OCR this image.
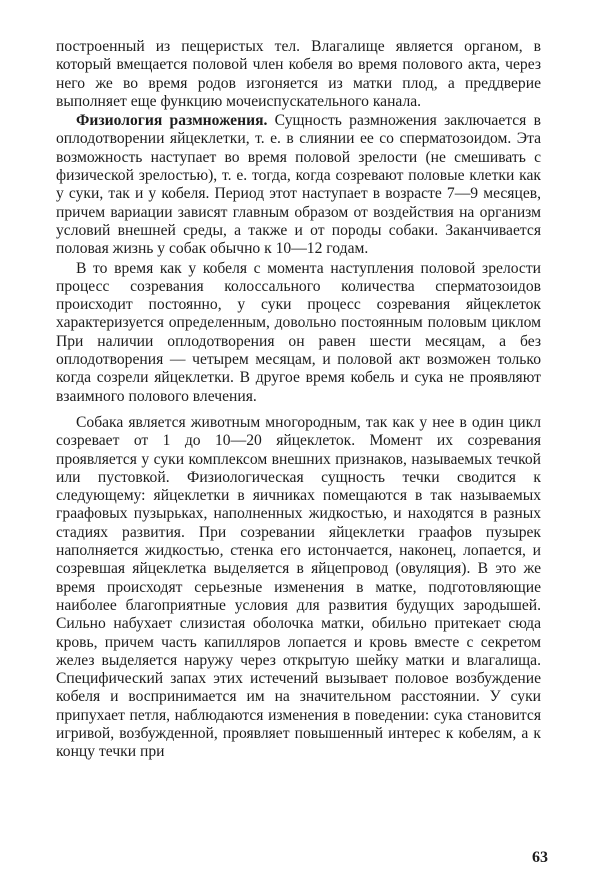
построенный из пещеристых тел. Влагалище является органом, в который вмещается половой член кобеля во время полового акта, через него же во время родов изгоняется из матки плод, а преддверие выполняет еще функцию мочеиспускательного канала.

Физиология размножения. Сущность размножения заключается в оплодотворении яйцеклетки, т. е. в слиянии ее со сперматозоидом. Эта возможность наступает во время половой зрелости (не смешивать с физической зрелостью), т. е. тогда, когда созревают половые клетки как у суки, так и у кобеля. Период этот наступает в возрасте 7—9 месяцев, причем вариации зависят главным образом от воздействия на организм условий внешней среды, а также и от породы собаки. Заканчивается половая жизнь у собак обычно к 10—12 годам.

В то время как у кобеля с момента наступления половой зрелости процесс созревания колоссального количества сперматозоидов происходит постоянно, у суки процесс созревания яйцеклеток характеризуется определенным, довольно постоянным половым циклом При наличии оплодотворения он равен шести месяцам, а без оплодотворения — четырем месяцам, и половой акт возможен только когда созрели яйцеклетки. В другое время кобель и сука не проявляют взаимного полового влечения.

Собака является животным многородным, так как у нее в один цикл созревает от 1 до 10—20 яйцеклеток. Момент их созревания проявляется у суки комплексом внешних признаков, называемых течкой или пустовкой. Физиологическая сущность течки сводится к следующему: яйцеклетки в яичниках помещаются в так называемых граафовых пузырьках, наполненных жидкостью, и находятся в разных стадиях развития. При созревании яйцеклетки граафов пузырек наполняется жидкостью, стенка его истончается, наконец, лопается, и созревшая яйцеклетка выделяется в яйцепровод (овуляция). В это же время происходят серьезные изменения в матке, подготовляющие наиболее благоприятные условия для развития будущих зародышей. Сильно набухает слизистая оболочка матки, обильно притекает сюда кровь, причем часть капилляров лопается и кровь вместе с секретом желез выделяется наружу через открытую шейку матки и влагалища. Специфический запах этих истечений вызывает половое возбуждение кобеля и воспринимается им на значительном расстоянии. У суки припухает петля, наблюдаются изменения в поведении: сука становится игривой, возбужденной, проявляет повышенный интерес к кобелям, а к концу течки при

63
